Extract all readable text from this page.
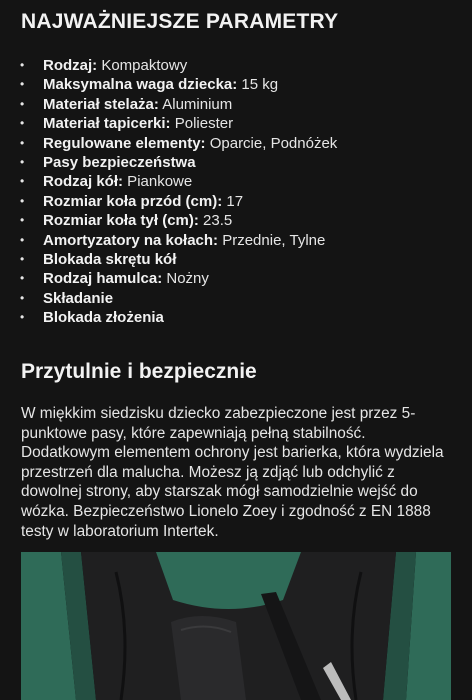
NAJWAŻNIEJSZE PARAMETRY
• Rodzaj: Kompaktowy
• Maksymalna waga dziecka: 15 kg
• Materiał stelaża: Aluminium
• Materiał tapicerki: Poliester
• Regulowane elementy: Oparcie, Podnóżek
• Pasy bezpieczeństwa
• Rodzaj kół: Piankowe
• Rozmiar koła przód (cm): 17
• Rozmiar koła tył (cm): 23.5
• Amortyzatory na kołach: Przednie, Tylne
• Blokada skrętu kół
• Rodzaj hamulca: Nożny
• Składanie
• Blokada złożenia
Przytulnie i bezpiecznie

W miękkim siedzisku dziecko zabezpieczone jest przez 5-punktowe pasy, które zapewniają pełną stabilność. Dodatkowym elementem ochrony jest barierka, która wydziela przestrzeń dla malucha. Możesz ją zdjąć lub odchylić z dowolnej strony, aby starszak mógł samodzielnie wejść do wózka. Bezpieczeństwo Lionelo Zoey i zgodność z EN 1888 testy w laboratorium Intertek.
